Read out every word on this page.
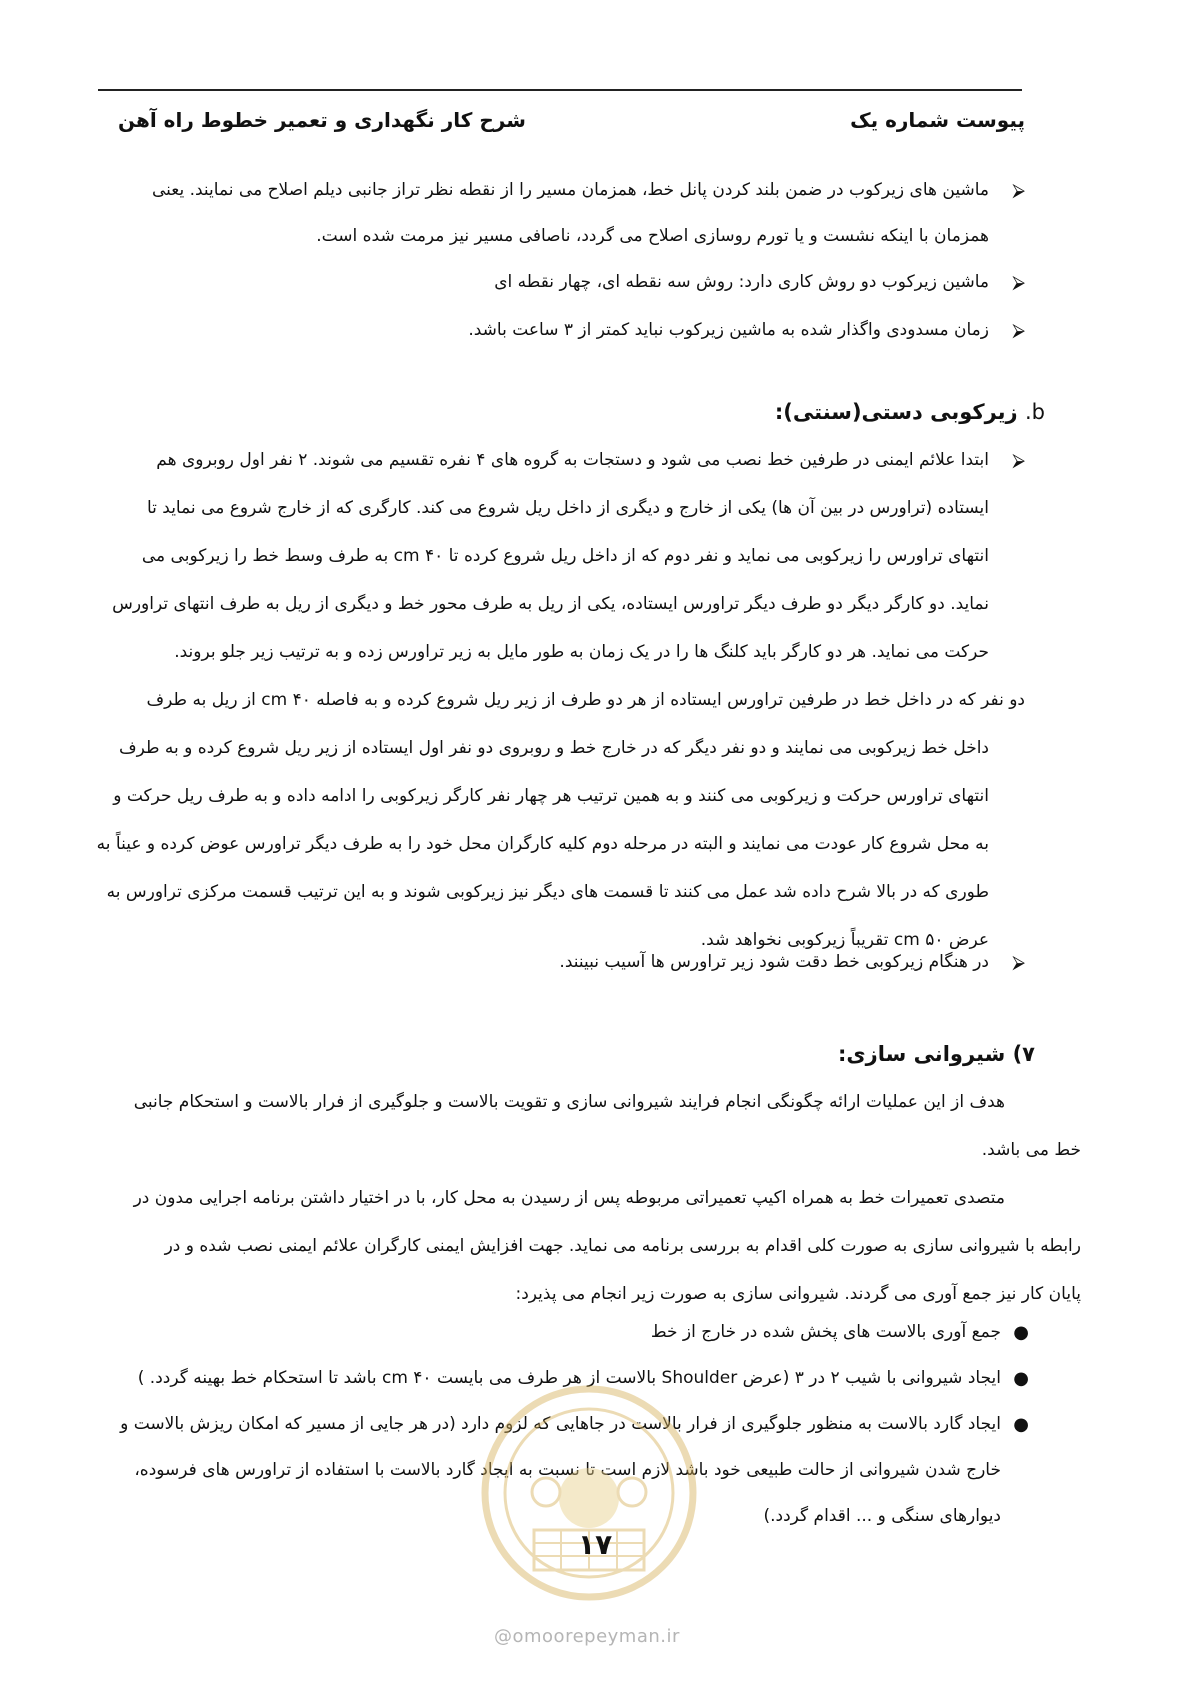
پیوست شماره یک
شرح کار نگهداری و تعمیر خطوط راه آهن
⮚
ماشین های زیرکوب در ضمن بلند کردن پانل خط، همزمان مسیر را از نقطه نظر تراز جانبی دیلم اصلاح می نمایند. یعنی
همزمان با اینکه نشست و یا تورم روسازی اصلاح می گردد، ناصافی مسیر نیز مرمت شده است.
⮚
ماشین زیرکوب دو روش کاری دارد: روش سه نقطه ای، چهار نقطه ای
⮚
زمان مسدودی واگذار شده به ماشین زیرکوب نباید کمتر از ۳ ساعت باشد.
b. زیرکوبی دستی(سنتی):
⮚
ابتدا علائم ایمنی در طرفین خط نصب می شود و دستجات به گروه های ۴ نفره تقسیم می شوند. ۲ نفر اول روبروی هم
ایستاده (تراورس در بین آن ها) یکی از خارج و دیگری از داخل ریل شروع می کند. کارگری که از خارج شروع می نماید تا
انتهای تراورس را زیرکوبی می نماید و نفر دوم که از داخل ریل شروع کرده تا ۴۰ cm به طرف وسط خط را زیرکوبی می
نماید. دو کارگر دیگر دو طرف دیگر تراورس ایستاده، یکی از ریل به طرف محور خط و دیگری از ریل به طرف انتهای تراورس
حرکت می نماید. هر دو کارگر باید کلنگ ها را در یک زمان به طور مایل به زیر تراورس زده و به ترتیب زیر جلو بروند.
دو نفر که در داخل خط در طرفین تراورس ایستاده از هر دو طرف از زیر ریل شروع کرده و به فاصله ۴۰ cm از ریل به طرف
داخل خط زیرکوبی می نمایند و دو نفر دیگر که در خارج خط و روبروی دو نفر اول ایستاده از زیر ریل شروع کرده و به طرف
انتهای تراورس حرکت و زیرکوبی می کنند و به همین ترتیب هر چهار نفر کارگر زیرکوبی را ادامه داده و به طرف ریل حرکت و
به محل شروع کار عودت می نمایند و البته در مرحله دوم کلیه کارگران محل خود را به طرف دیگر تراورس عوض کرده و عیناً به
طوری که در بالا شرح داده شد عمل می کنند تا قسمت های دیگر نیز زیرکوبی شوند و به این ترتیب قسمت مرکزی تراورس به
عرض ۵۰ cm تقریباً زیرکوبی نخواهد شد.
⮚
در هنگام زیرکوبی خط دقت شود زیر تراورس ها آسیب نبینند.
۷) شیروانی سازی:
هدف از این عملیات ارائه چگونگی انجام فرایند شیروانی سازی و تقویت بالاست و جلوگیری از فرار بالاست و استحکام جانبی
خط می باشد.
متصدی تعمیرات خط به همراه اکیپ تعمیراتی مربوطه پس از رسیدن به محل کار، با در اختیار داشتن برنامه اجرایی مدون در
رابطه با شیروانی سازی به صورت کلی اقدام به بررسی برنامه می نماید. جهت افزایش ایمنی کارگران علائم ایمنی نصب شده و در
پایان کار نیز جمع آوری می گردند. شیروانی سازی به صورت زیر انجام می پذیرد:
●
جمع آوری بالاست های پخش شده در خارج از خط
●
ایجاد شیروانی با شیب ۲ در ۳ (عرض Shoulder بالاست از هر طرف می بایست ۴۰ cm باشد تا استحکام خط بهینه گردد. )
●
ایجاد گارد بالاست به منظور جلوگیری از فرار بالاست در جاهایی که لزوم دارد (در هر جایی از مسیر که امکان ریزش بالاست و
خارج شدن شیروانی از حالت طبیعی خود باشد لازم است تا نسبت به ایجاد گارد بالاست با استفاده از تراورس های فرسوده،
دیوارهای سنگی و ... اقدام گردد.)
۱۷
@omoorepeyman.ir
